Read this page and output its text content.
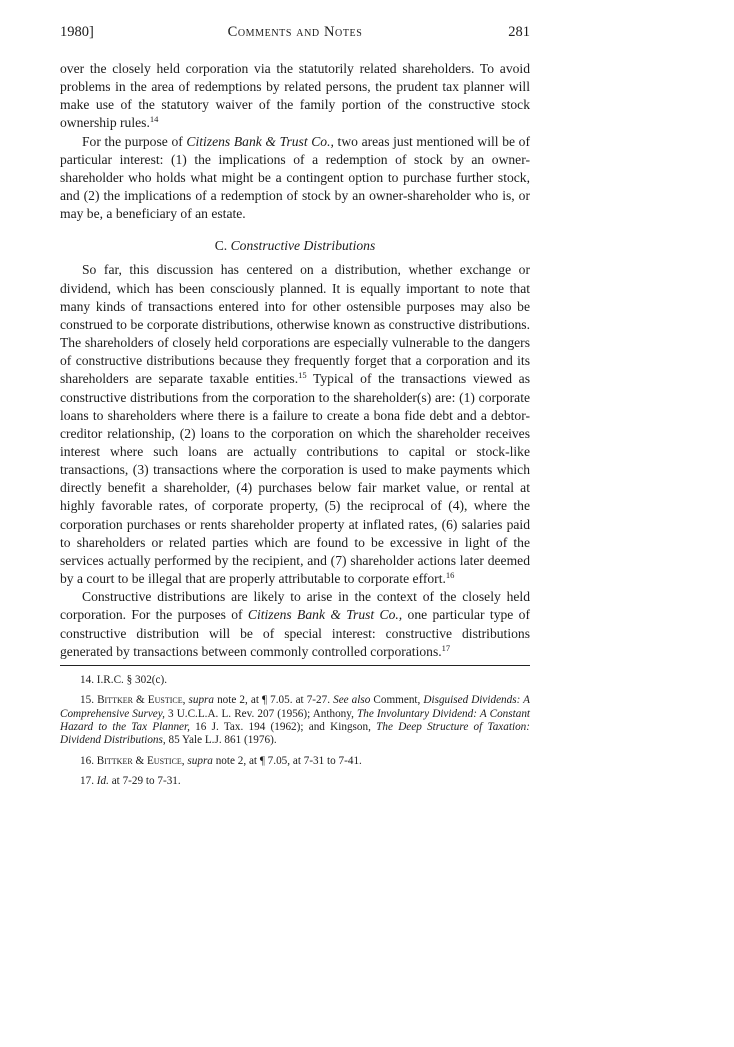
1980]	Comments and Notes	281

over the closely held corporation via the statutorily related shareholders. To avoid problems in the area of redemptions by related persons, the prudent tax planner will make use of the statutory waiver of the family portion of the constructive stock ownership rules.$^{14}$

For the purpose of Citizens Bank & Trust Co., two areas just mentioned will be of particular interest: (1) the implications of a redemption of stock by an owner-shareholder who holds what might be a contingent option to purchase further stock, and (2) the implications of a redemption of stock by an owner-shareholder who is, or may be, a beneficiary of an estate.

C. Constructive Distributions

So far, this discussion has centered on a distribution, whether exchange or dividend, which has been consciously planned. It is equally important to note that many kinds of transactions entered into for other ostensible purposes may also be construed to be corporate distributions, otherwise known as constructive distributions. The shareholders of closely held corporations are especially vulnerable to the dangers of constructive distributions because they frequently forget that a corporation and its shareholders are separate taxable entities.$^{15}$ Typical of the transactions viewed as constructive distributions from the corporation to the shareholder(s) are: (1) corporate loans to shareholders where there is a failure to create a bona fide debt and a debtor-creditor relationship, (2) loans to the corporation on which the shareholder receives interest where such loans are actually contributions to capital or stock-like transactions, (3) transactions where the corporation is used to make payments which directly benefit a shareholder, (4) purchases below fair market value, or rental at highly favorable rates, of corporate property, (5) the reciprocal of (4), where the corporation purchases or rents shareholder property at inflated rates, (6) salaries paid to shareholders or related parties which are found to be excessive in light of the services actually performed by the recipient, and (7) shareholder actions later deemed by a court to be illegal that are properly attributable to corporate effort.$^{16}$

Constructive distributions are likely to arise in the context of the closely held corporation. For the purposes of Citizens Bank & Trust Co., one particular type of constructive distribution will be of special interest: constructive distributions generated by transactions between commonly controlled corporations.$^{17}$

14. I.R.C. § 302(c).

15. Bittker & Eustice, supra note 2, at ¶ 7.05. at 7-27. See also Comment, Disguised Dividends: A Comprehensive Survey, 3 U.C.L.A. L. Rev. 207 (1956); Anthony, The Involuntary Dividend: A Constant Hazard to the Tax Planner, 16 J. Tax. 194 (1962); and Kingson, The Deep Structure of Taxation: Dividend Distributions, 85 Yale L.J. 861 (1976).

16. Bittker & Eustice, supra note 2, at ¶ 7.05, at 7-31 to 7-41.

17. Id. at 7-29 to 7-31.
